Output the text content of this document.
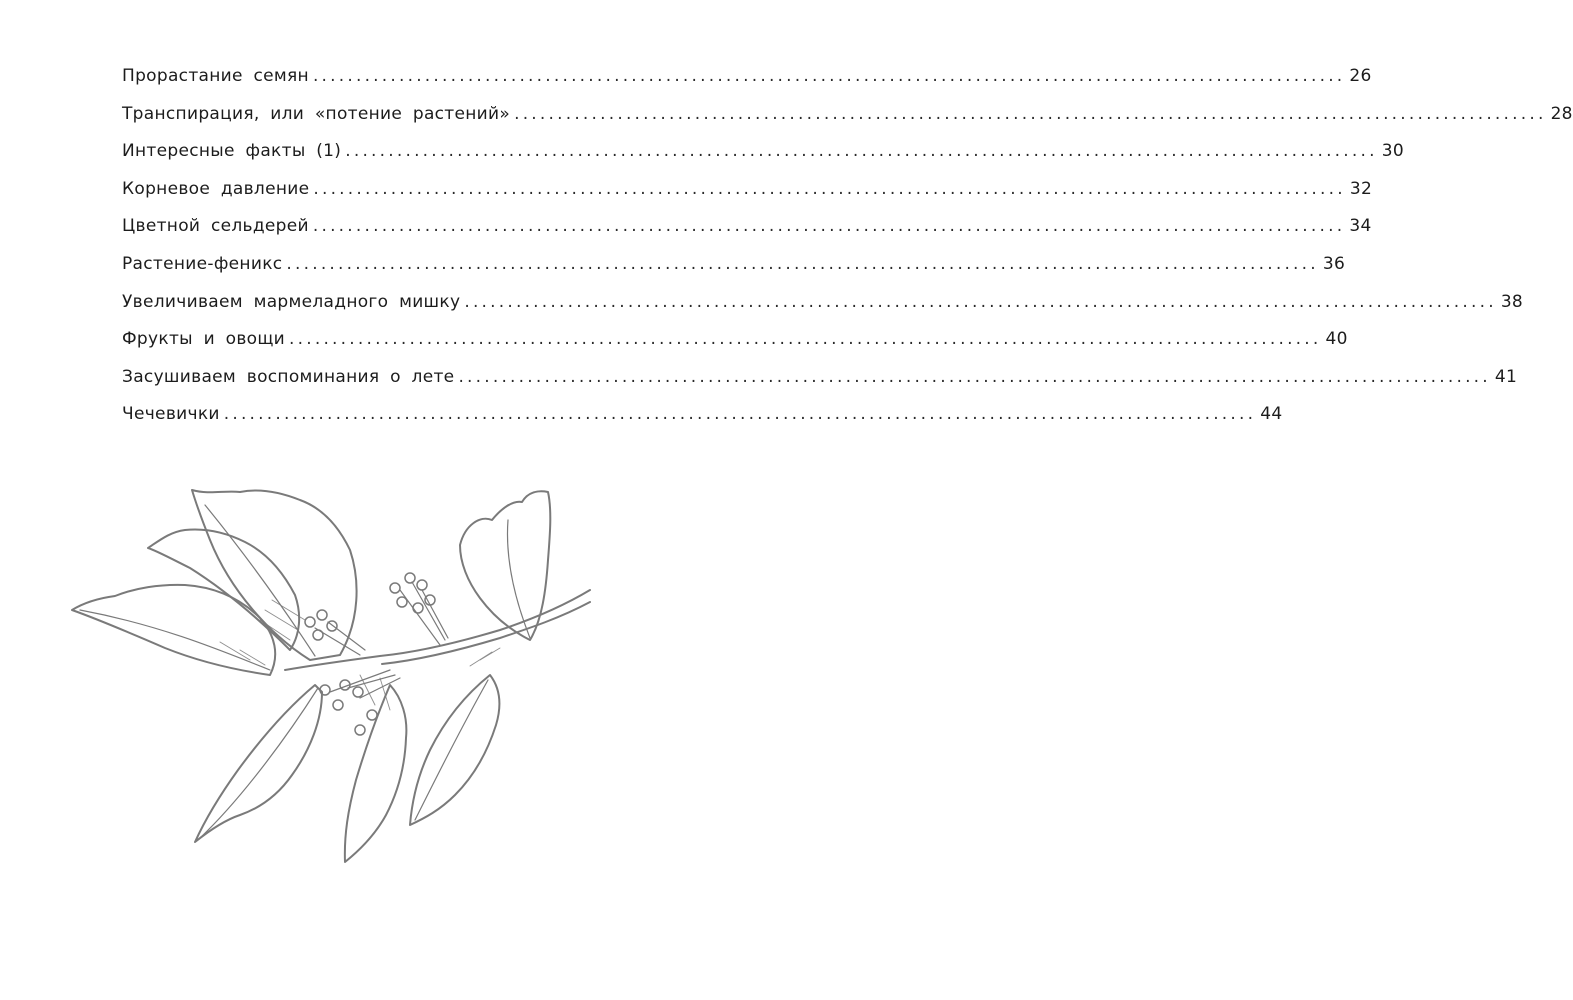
Прорастание семян ........................................................................................................................ 26
Транспирация, или «потение растений» ........................................................................................................................ 28
Интересные факты (1) ........................................................................................................................ 30
Корневое давление ........................................................................................................................ 32
Цветной сельдерей ........................................................................................................................ 34
Растение-феникс ........................................................................................................................ 36
Увеличиваем мармеладного мишку ........................................................................................................................ 38
Фрукты и овощи ........................................................................................................................ 40
Засушиваем воспоминания о лете ........................................................................................................................ 41
Чечевички ........................................................................................................................ 44
